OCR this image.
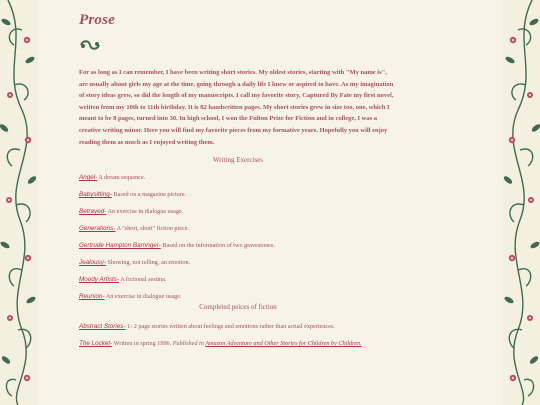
Prose

For as long as I can remember, I have been writing short stories. My oldest stories, starting with "My name is", are usually about girls my age at the time, going through a daily life I knew or aspired to have. As my imagination of story ideas grew, so did the length of my manuscripts. I call my favorite story, Captured By Fate my first novel, written from my 10th to 11th birthday. It is 82 handwritten pages. My short stories grew in size too, one, which I meant to be 8 pages, turned into 30. In high school, I won the Fulton Prize for Fiction and in college, I was a creative writing minor. Here you will find my favorite pieces from my formative years. Hopefully you will enjoy reading them as much as I enjoyed writing them.

Writing Exercises
Angel- A dream sequence.
Babysitting- Based on a magazine picture.
Betrayed- An exercise in dialogue usage.
Generations- A "short, short" fiction piece.
Gertrude Hampton Barringer- Based on the information of two gravestones.
Jealousy- Showing, not telling, an emotion.
Moody Artists- A fictional sestina.
Reunion- An exercise in dialogue usage.
Completed peices of fiction
Abstract Stories- 1- 2 page stories written about feelings and emotions rather than actual experiences.
The Locket- Written in spring 1996. Published in Amazon Adventure and Other Stories for Children by Children.
